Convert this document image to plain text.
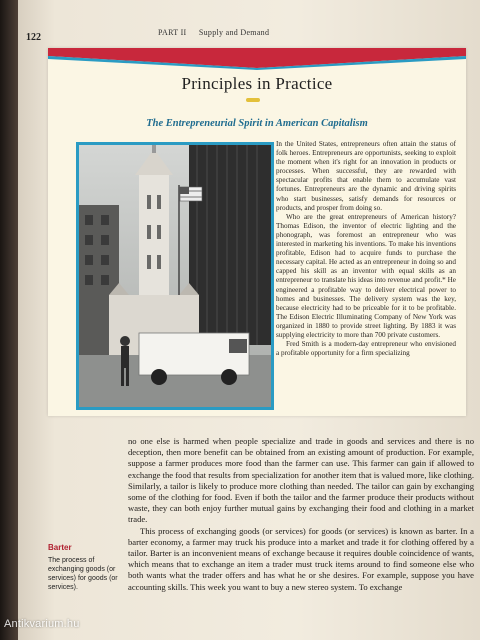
122	PART II Supply and Demand
Principles in Practice
The Entrepreneurial Spirit in American Capitalism

In the United States, entrepreneurs often attain the status of folk heroes. Entrepreneurs are opportunists, seeking to exploit the moment when it's right for an innovation in products or processes. When successful, they are rewarded with spectacular profits that enable them to accumulate vast fortunes. Entrepreneurs are the dynamic and driving spirits who start businesses, satisfy demands for resources or products, and prosper from doing so.

Who are the great entrepreneurs of American history? Thomas Edison, the inventor of electric lighting and the phonograph, was foremost an entrepreneur who was interested in marketing his inventions. To make his inventions profitable, Edison had to acquire funds to purchase the necessary capital. He acted as an entrepreneur in doing so and capped his skill as an inventor with equal skills as an entrepreneur to translate his ideas into revenue and profit.* He engineered a profitable way to deliver electrical power to homes and businesses. The delivery system was the key, because electricity had to be priceable for it to be profitable. The Edison Electric Illuminating Company of New York was organized in 1880 to provide street lighting. By 1883 it was supplying electricity to more than 700 private customers.

Fred Smith is a modern-day entrepreneur who envisioned a profitable opportunity for a firm specializing

no one else is harmed when people specialize and trade in goods and services and there is no deception, then more benefit can be obtained from an existing amount of production. For example, suppose a farmer produces more food than the farmer can use. This farmer can gain if allowed to exchange the food that results from specialization for another item that is valued more, like clothing. Similarly, a tailor is likely to produce more clothing than needed. The tailor can gain by exchanging some of the clothing for food. Even if both the tailor and the farmer produce their products without waste, they can both enjoy further mutual gains by exchanging their food and clothing in a market trade.

This process of exchanging goods (or services) for goods (or services) is known as barter. In a barter economy, a farmer may truck his produce into a market and trade it for clothing offered by a tailor. Barter is an inconvenient means of exchange because it requires double coincidence of wants, which means that to exchange an item a trader must truck items around to find someone else who both wants what the trader offers and has what he or she desires. For example, suppose you have accounting skills. This week you want to buy a new stereo system. To exchange

Barter
The process of exchanging goods (or services) for goods (or services).
Antikvarium.hu
